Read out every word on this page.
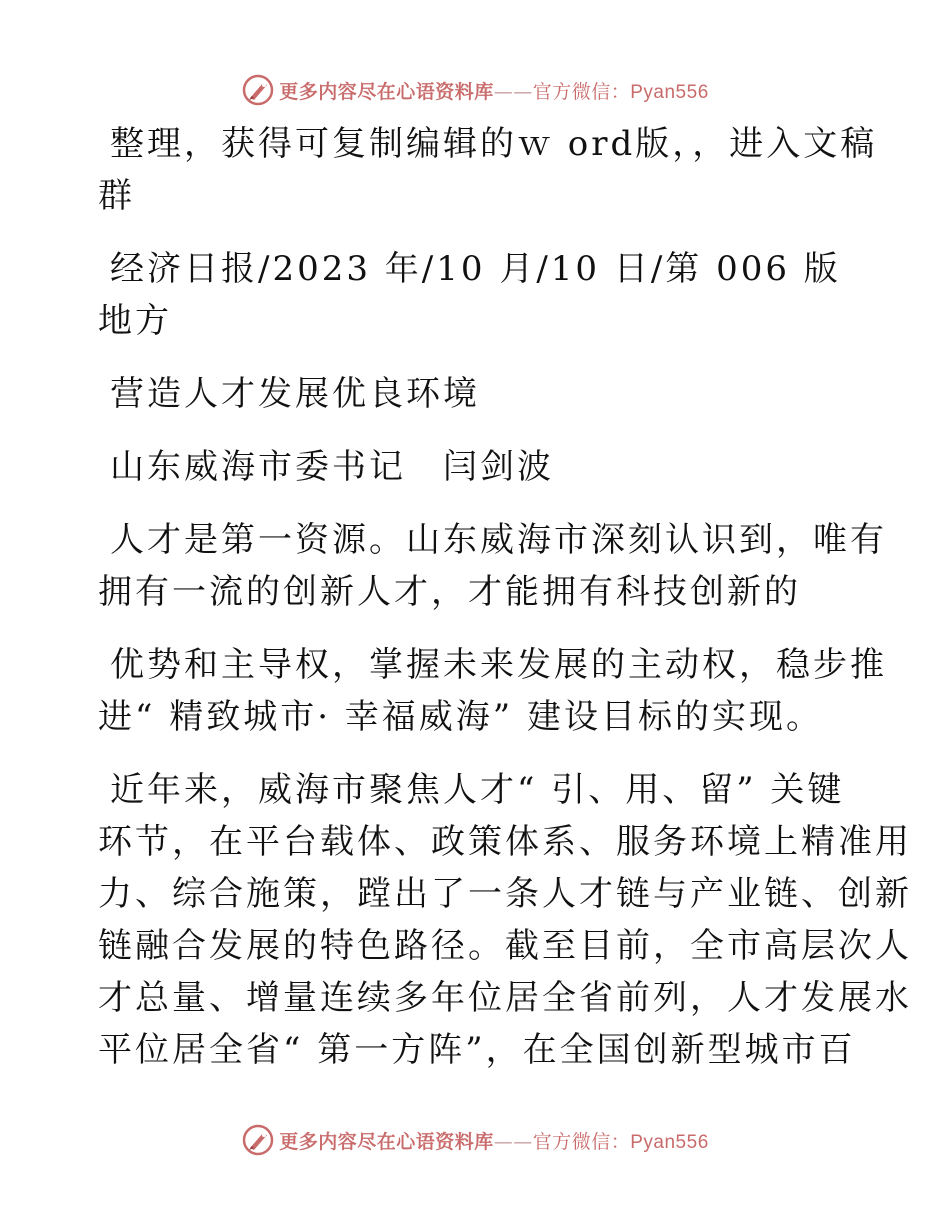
更多内容尽在心语资料库——官方微信：Pyan556
整理，获得可复制编辑的ｗ ord版，，进入文稿
群
经济日报/2023 年/10 月/10 日/第 006 版地方
营造人才发展优良环境
山东威海市委书记　闫剑波
人才是第一资源。山东威海市深刻认识到，唯有
拥有一流的创新人才，才能拥有科技创新的
优势和主导权，掌握未来发展的主动权，稳步推
进“ 精致城市· 幸福威海” 建设目标的实现。
近年来，威海市聚焦人才“ 引、用、留” 关键
环节，在平台载体、政策体系、服务环境上精准用
力、综合施策，蹚出了一条人才链与产业链、创新
链融合发展的特色路径。截至目前，全市高层次人
才总量、增量连续多年位居全省前列，人才发展水
平位居全省“ 第一方阵”，在全国创新型城市百
更多内容尽在心语资料库——官方微信：Pyan556
